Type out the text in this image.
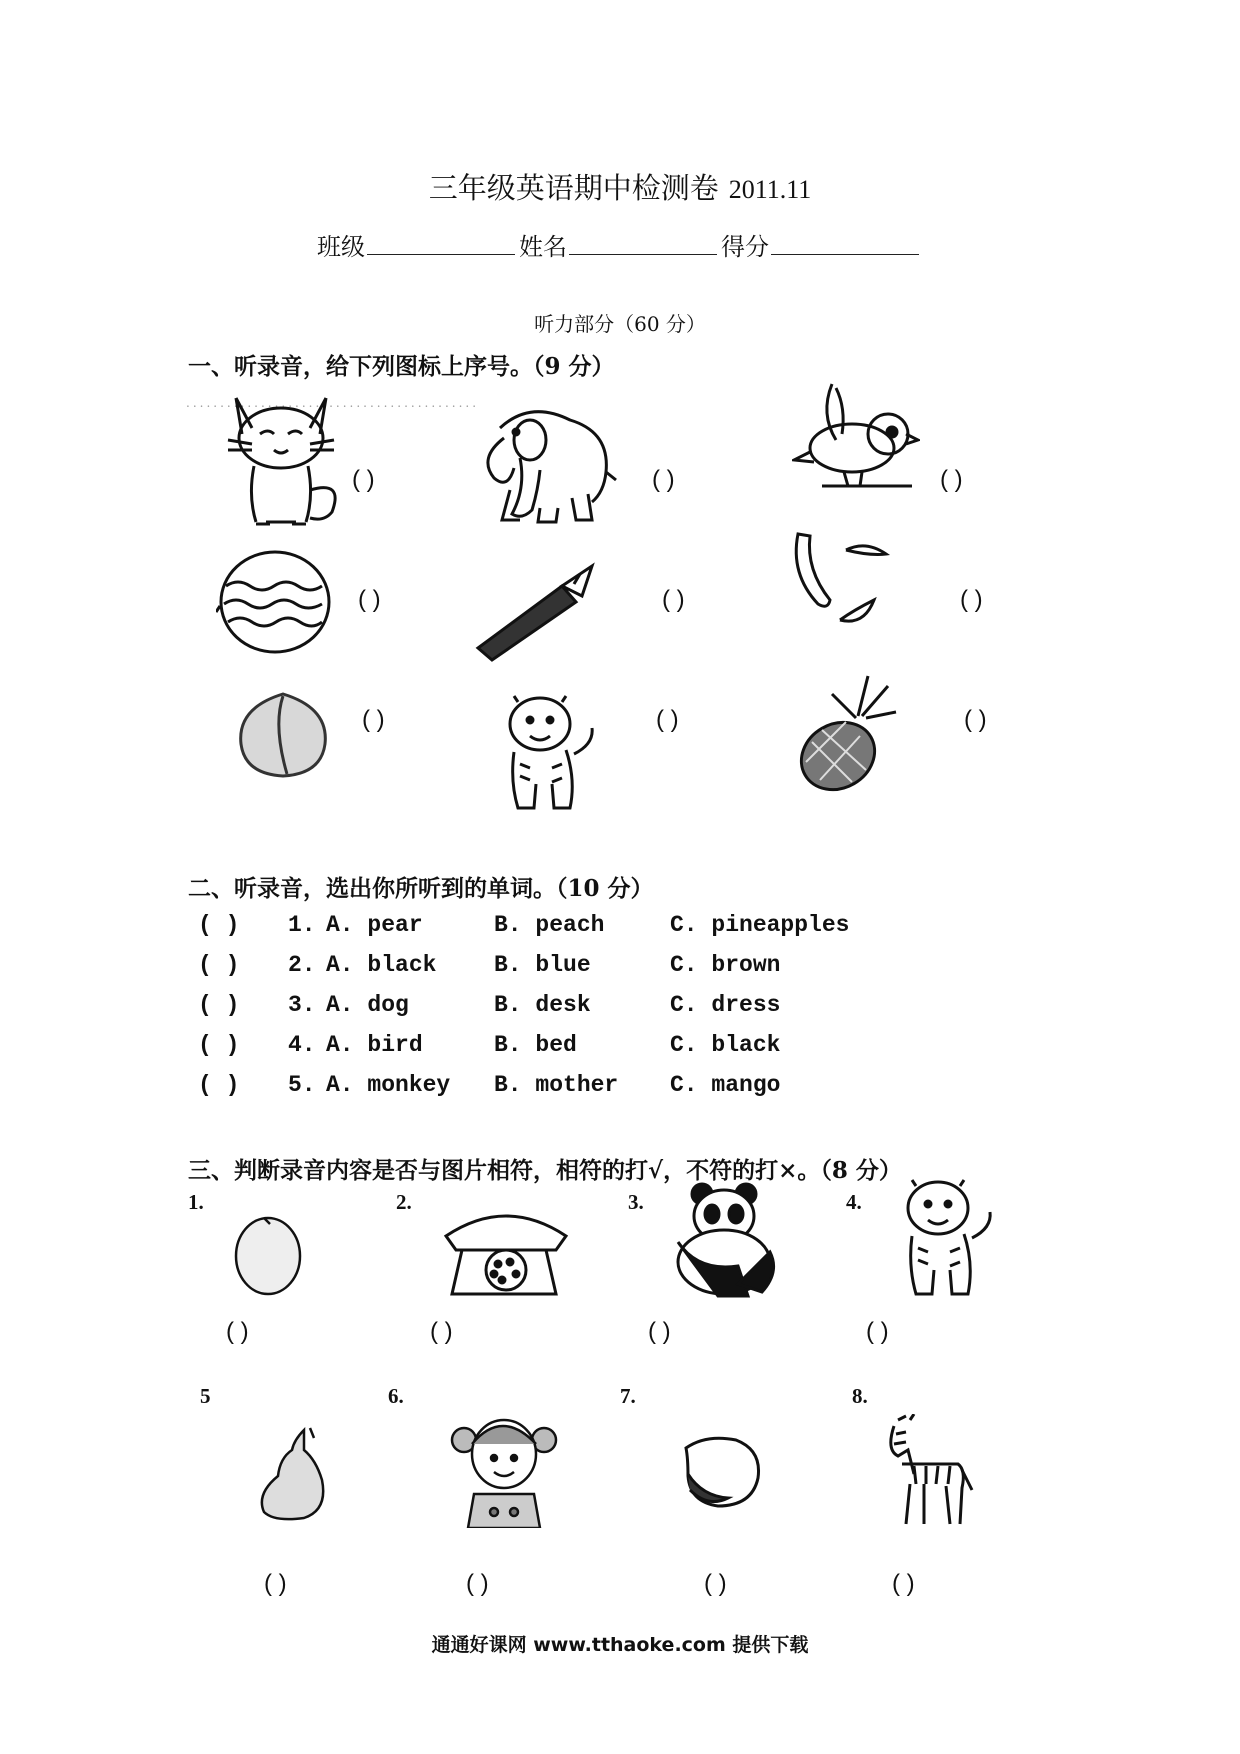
三年级英语期中检测卷 2011.11
班级	姓名	得分
听力部分（60 分）
一、听录音，给下列图标上序号。（9 分）
...........................................
( )	( )	( )
( )	( )	( )
( )	( )	( )
二、听录音，选出你所听到的单词。（10 分）
( ) 1. A. pear	B. peach	C. pineapples
( ) 2. A. black	B. blue	C. brown
( ) 3. A. dog	B. desk	C. dress
( ) 4. A. bird	B. bed	C. black
( ) 5. A. monkey B. mother C. mango
三、判断录音内容是否与图片相符，相符的打√，不符的打×。（8 分）
1.
( )
2.
( )
3.
( )
4.
( )
5
( )
6.
( )
7.
( )
8.
( )
通通好课网 www.tthaoke.com 提供下载
